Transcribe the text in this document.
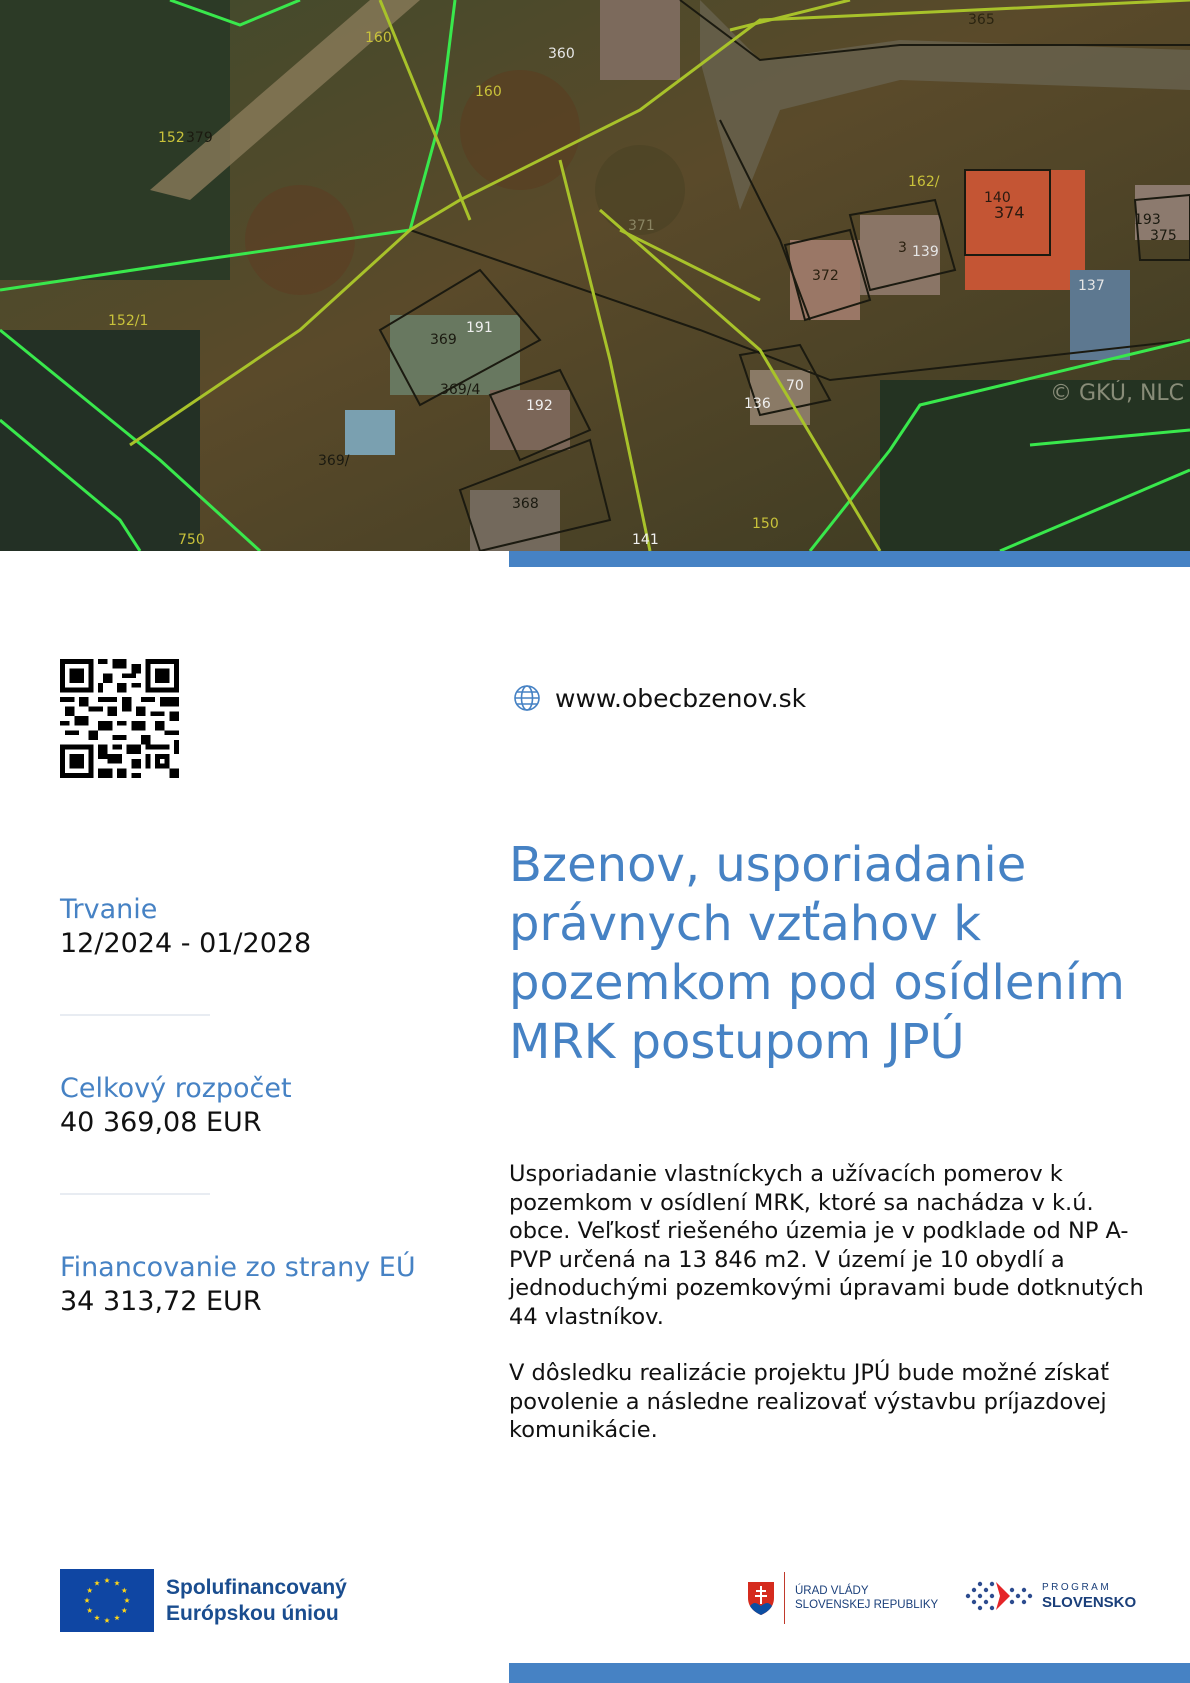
© GKÚ, NLC
160
360
365
152 379
160
162/
140
374	193
375
371
3 139
372
137
152/1	191
369
369/
192
369/4
136
70
368
141
150
750
www.obecbzenov.sk
Trvanie
12/2024 - 01/2028
Celkový rozpočet
40 369,08 EUR
Financovanie zo strany EÚ
34 313,72 EUR
Bzenov, usporiadanie právnych vzťahov k pozemkom pod osídlením MRK postupom JPÚ

Usporiadanie vlastníckych a užívacích pomerov k pozemkom v osídlení MRK, ktoré sa nachádza v k.ú. obce. Veľkosť riešeného územia je v podklade od NP A-PVP určená na 13 846 m2. V území je 10 obydlí a jednoduchými pozemkovými úpravami bude dotknutých 44 vlastníkov.

V dôsledku realizácie projektu JPÚ bude možné získať povolenie a následne realizovať výstavbu príjazdovej komunikácie.

Spolufinancovaný
Európskou úniou
ÚRAD VLÁDY
SLOVENSKEJ REPUBLIKY
PROGRAM
SLOVENSKO
